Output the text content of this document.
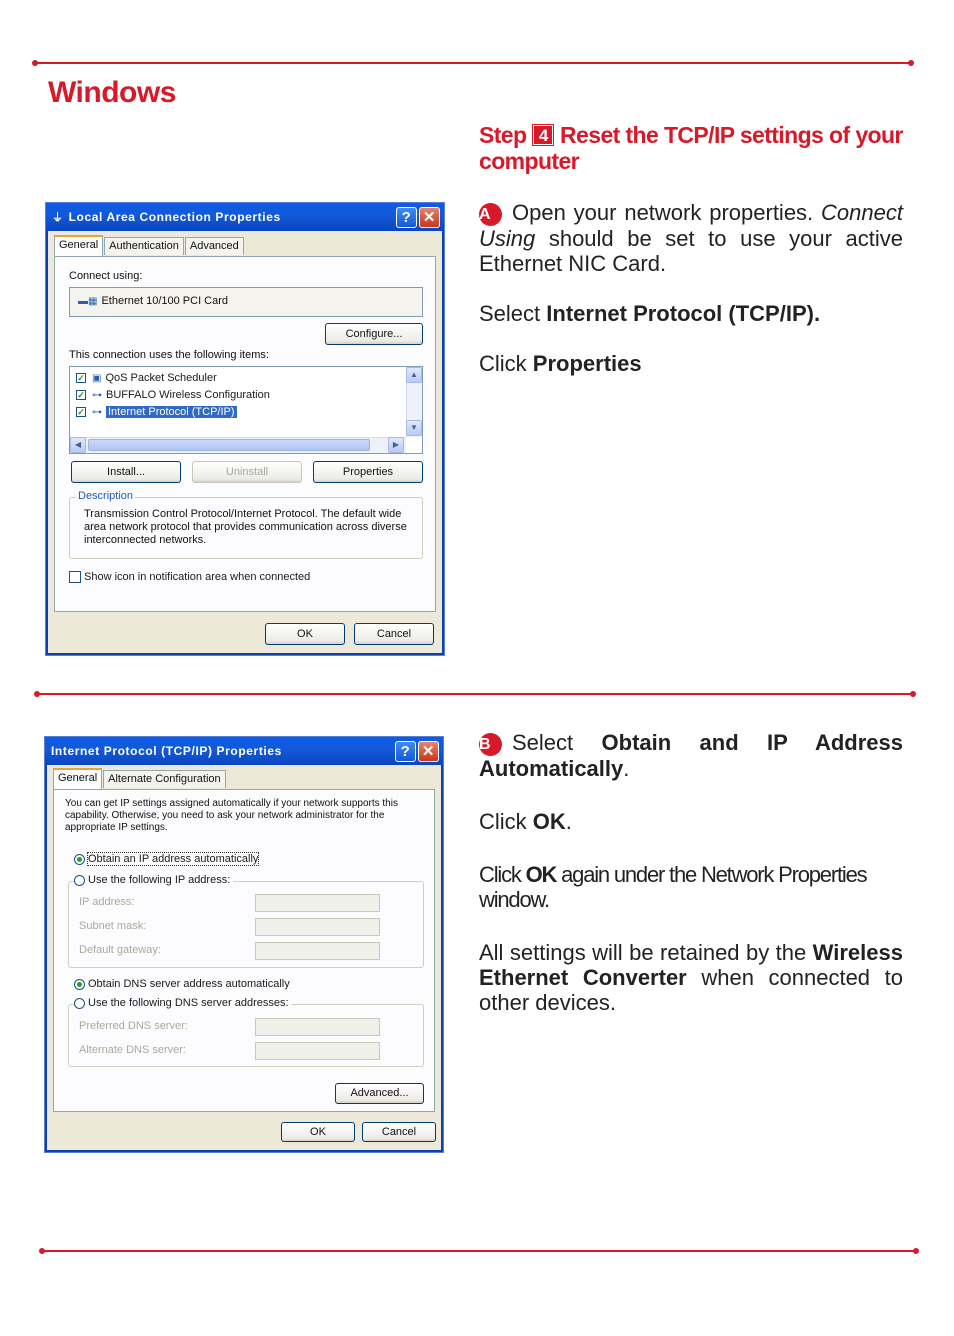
Windows
Step 4 Reset the TCP/IP settings of your computer

A Open your network properties. Connect Using should be set to use your active Ethernet NIC Card.

Select Internet Protocol (TCP/IP).

Click Properties

B Select Obtain and IP Address Automatically.

Click OK.

Click OK again under the Network Properties window.

All settings will be retained by the Wireless Ethernet Converter when connected to other devices.

⏚ Local Area Connection Properties	? ✕
General	Authentication	Advanced
Connect using:
▬▦ Ethernet 10/100 PCI Card
Configure...
This connection uses the following items:
✓ ▣ QoS Packet Scheduler
✓ ⊶ BUFFALO Wireless Configuration
✓ ⊶ Internet Protocol (TCP/IP)
▲
▼
◀	▶
Install...	Uninstall	Properties
Description
Transmission Control Protocol/Internet Protocol. The default wide area network protocol that provides communication across diverse interconnected networks.
Show icon in notification area when connected
OK	Cancel
Internet Protocol (TCP/IP) Properties	? ✕
General	Alternate Configuration
You can get IP settings assigned automatically if your network supports this capability. Otherwise, you need to ask your network administrator for the appropriate IP settings.
Obtain an IP address automatically
Use the following IP address:
IP address:
Subnet mask:
Default gateway:
Obtain DNS server address automatically
Use the following DNS server addresses:
Preferred DNS server:
Alternate DNS server:
Advanced...
OK	Cancel
